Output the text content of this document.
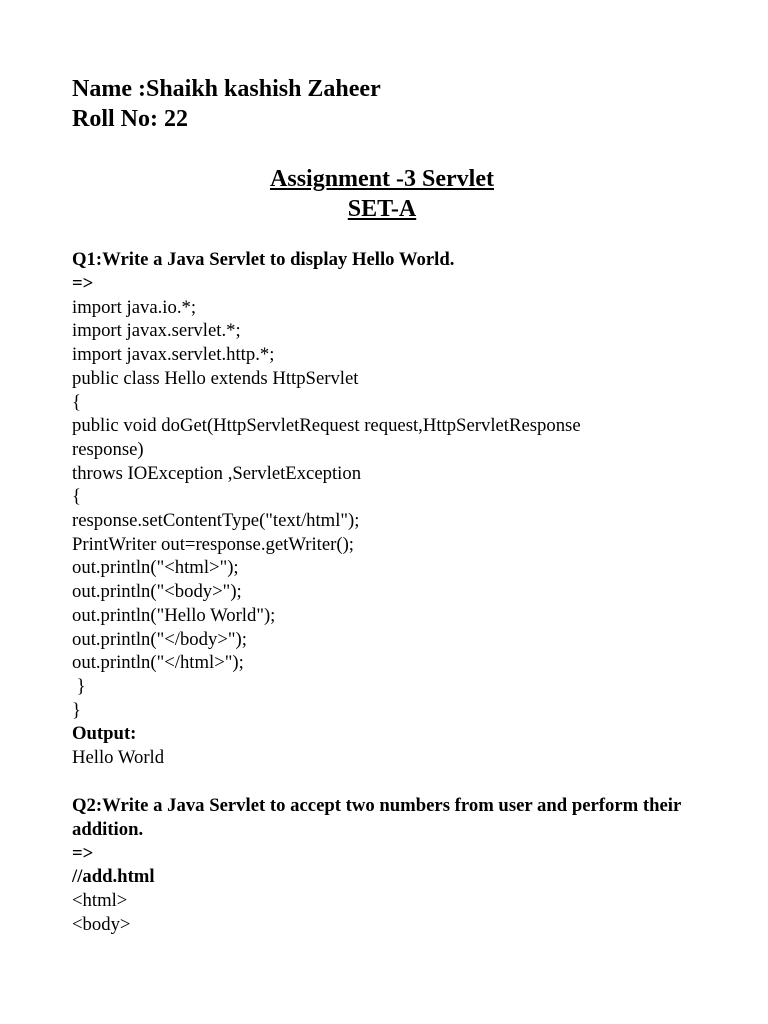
Name :Shaikh kashish Zaheer
Roll No: 22
Assignment -3 Servlet
SET-A
Q1:Write a Java Servlet to display Hello World.
=>
import java.io.*;
import javax.servlet.*;
import javax.servlet.http.*;
public class Hello extends HttpServlet
{
public void doGet(HttpServletRequest request,HttpServletResponse
response)
throws IOException ,ServletException
{
response.setContentType("text/html");
PrintWriter out=response.getWriter();
out.println("<html>");
out.println("<body>");
out.println("Hello World");
out.println("</body>");
out.println("</html>");
}
}
Output:
Hello World
Q2:Write a Java Servlet to accept two numbers from user and perform their addition.
=>
//add.html
<html>
<body>
